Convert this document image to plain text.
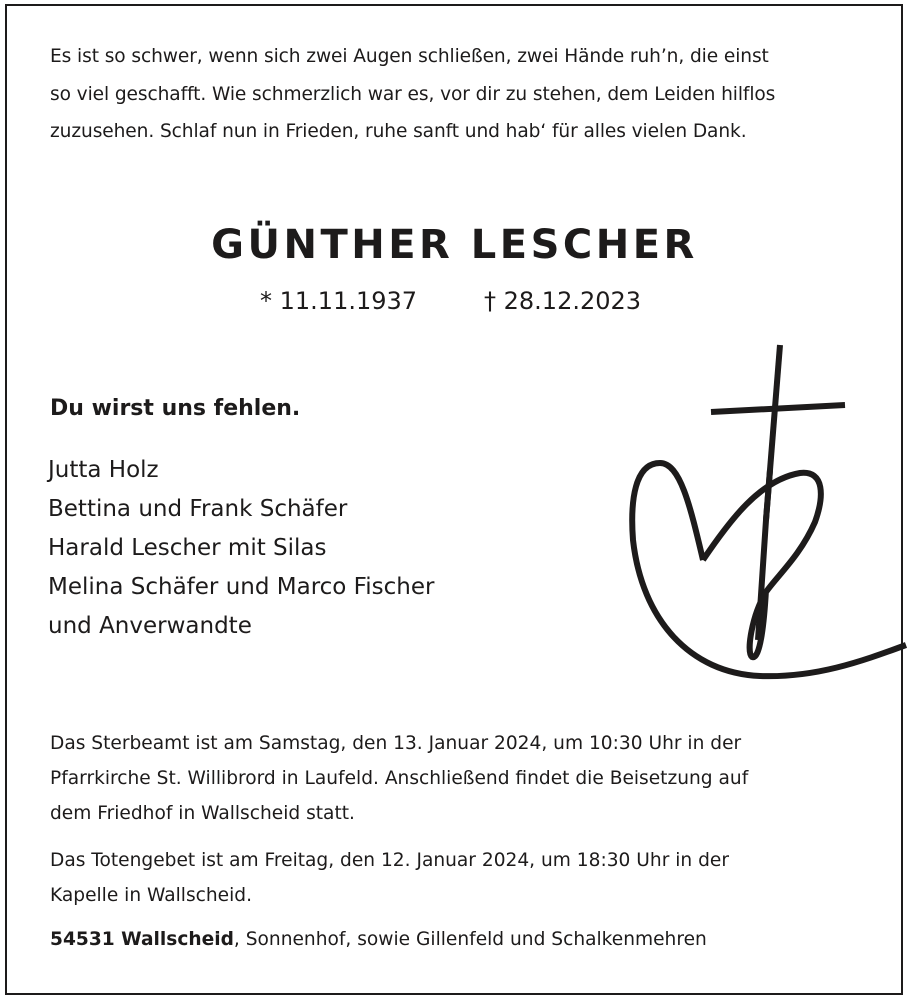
Es ist so schwer, wenn sich zwei Augen schließen, zwei Hände ruh’n, die einst
so viel geschafft. Wie schmerzlich war es, vor dir zu stehen, dem Leiden hilflos
zuzusehen. Schlaf nun in Frieden, ruhe sanft und hab‘ für alles vielen Dank.
GÜNTHER LESCHER
* 11.11.1937	† 28.12.2023
Du wirst uns fehlen.
Jutta Holz
Bettina und Frank Schäfer
Harald Lescher mit Silas
Melina Schäfer und Marco Fischer
und Anverwandte
Das Sterbeamt ist am Samstag, den 13. Januar 2024, um 10:30 Uhr in der
Pfarrkirche St. Willibrord in Laufeld. Anschließend findet die Beisetzung auf
dem Friedhof in Wallscheid statt.
Das Totengebet ist am Freitag, den 12. Januar 2024, um 18:30 Uhr in der
Kapelle in Wallscheid.
54531 Wallscheid, Sonnenhof, sowie Gillenfeld und Schalkenmehren
